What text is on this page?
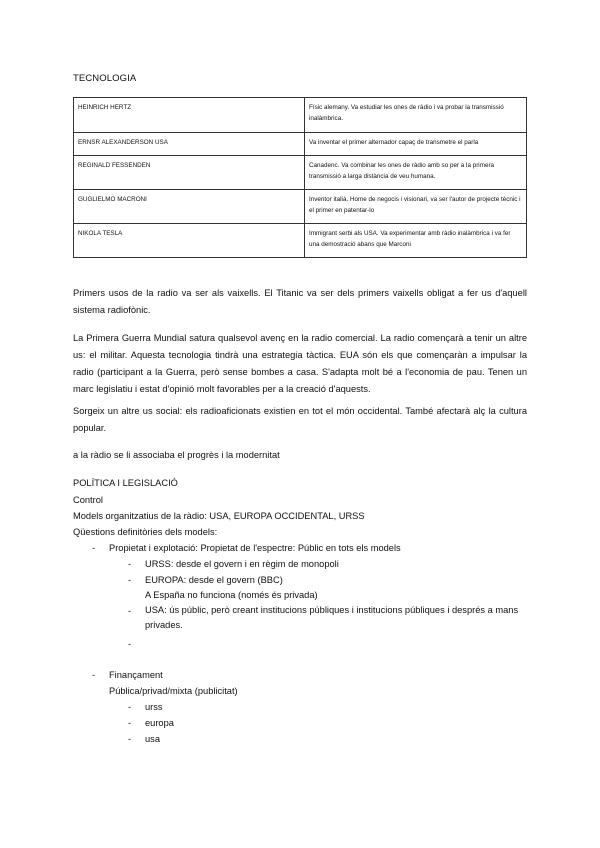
TECNOLOGIA
HEINRICH HERTZ	Físic alemany. Va estudiar les ones de ràdio i va probar la transmissió inalàmbrica.
ERNSR ALEXANDERSON USA	Va inventar el primer alternador capaç de transmetre el parla
REGINALD FESSENDEN	Canadenc. Va combinar les ones de ràdio amb so per a la primera transmissió a larga distància de veu humana.
GUGLIELMO MACRONI	Inventor italià. Home de negocis i visionari, va ser l'autor de projecte tècnic i el primer en patentar-lo
NIKOLA TESLA	Immigrant serbi als USA. Va experimentar amb ràdio inalàmbrica i va fer una demostració abans que Marconi

Primers usos de la radio va ser als vaixells. El Titanic va ser dels primers vaixells obligat a fer us d'aquell sistema radiofònic.

La Primera Guerra Mundial satura qualsevol avenç en la radio comercial. La radio començarà a tenir un altre us: el militar. Aquesta tecnologia tindrà una estrategia tàctica. EUA són els que començaràn a impulsar la radio (participant a la Guerra, però sense bombes a casa. S'adapta molt bé a l'economia de pau. Tenen un marc legislatiu i estat d'opinió molt favorables per a la creació d'aquests.

Sorgeix un altre us social: els radioaficionats existien en tot el món occidental. També afectarà alç la cultura popular.

a la ràdio se li associaba el progrès i la modernitat

POLÍTICA I LEGISLACIÓ
Control
Models organitzatius de la ràdio: USA, EUROPA OCCIDENTAL, URSS
Qüestions definitòries dels models:
- Propietat i explotació: Propietat de l'espectre: Públic en tots els models
- URSS: desde el govern i en règim de monopoli
- EUROPA: desde el govern (BBC)
A España no funciona (només és privada)
- USA: ús públic, però creant institucions públiques i institucions públiques i després a mans privades.
-
- Finançament
Pública/privad/mixta (publicitat)
- urss
- europa
- usa
